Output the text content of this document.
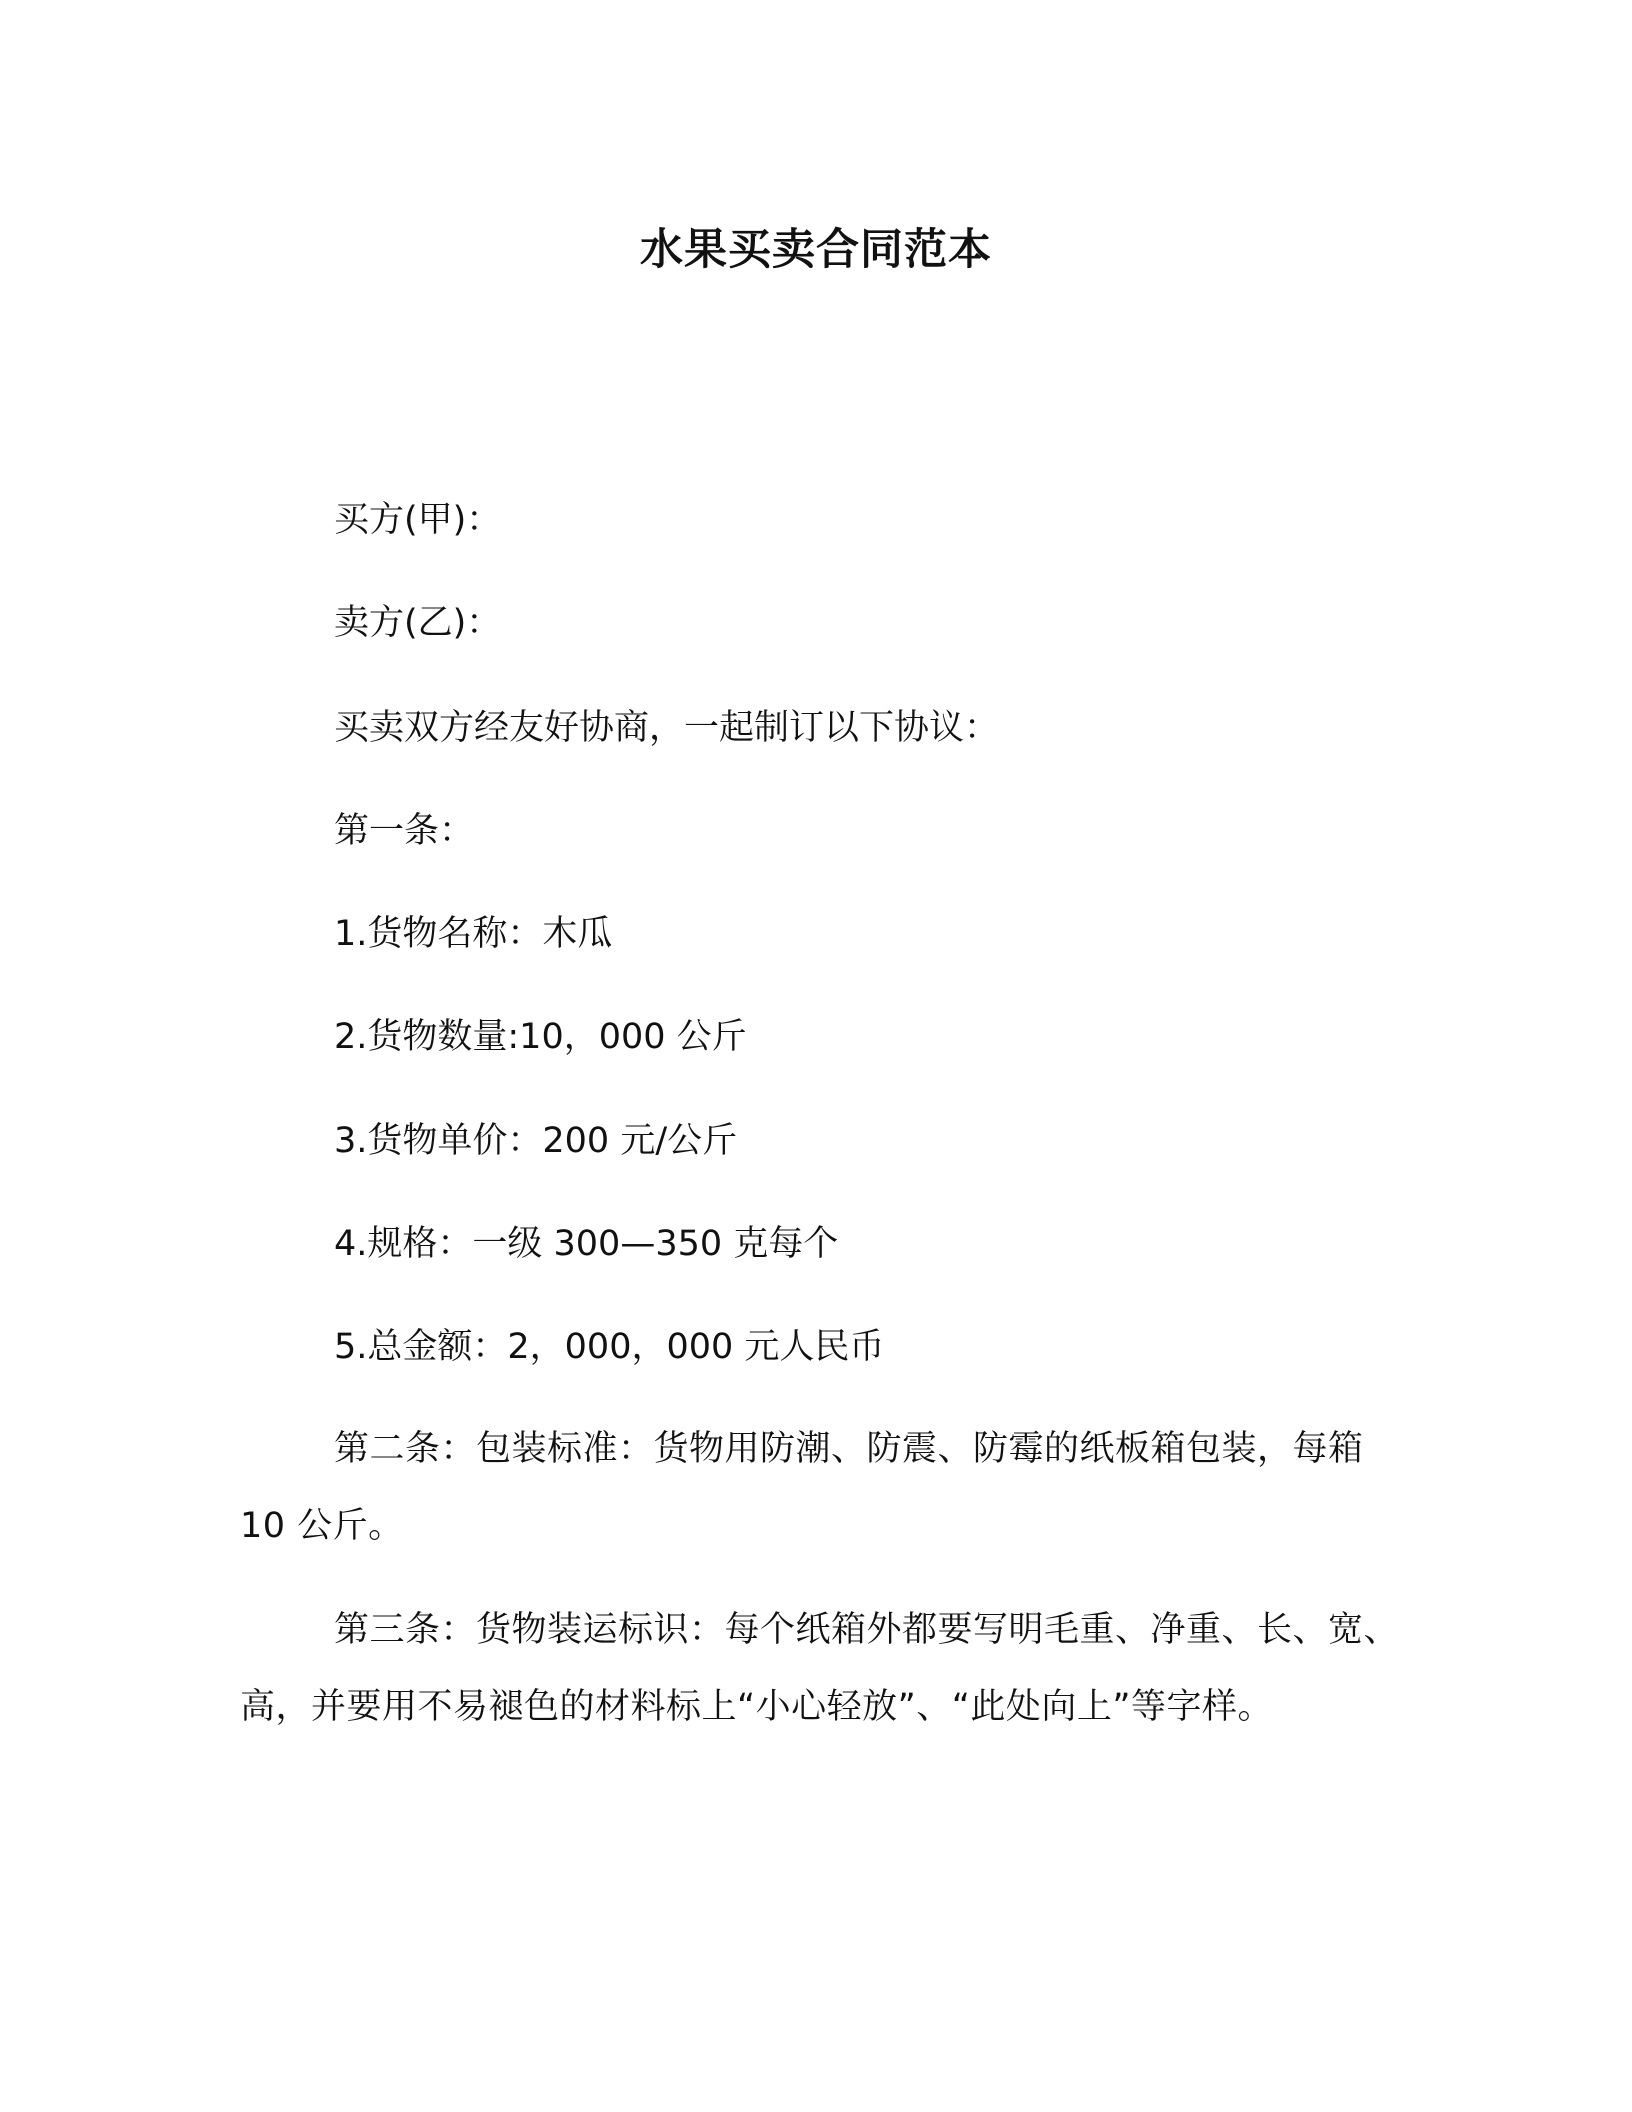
水果买卖合同范本

买方(甲)：

卖方(乙)：

买卖双方经友好协商，一起制订以下协议：

第一条：

1.货物名称：木瓜

2.货物数量:10，000 公斤

3.货物单价：200 元/公斤

4.规格：一级 300—350 克每个

5.总金额：2，000，000 元人民币

第二条：包装标准：货物用防潮、防震、防霉的纸板箱包装，每箱 10 公斤。

第三条：货物装运标识：每个纸箱外都要写明毛重、净重、长、宽、高，并要用不易褪色的材料标上“小心轻放”、“此处向上”等字样。
